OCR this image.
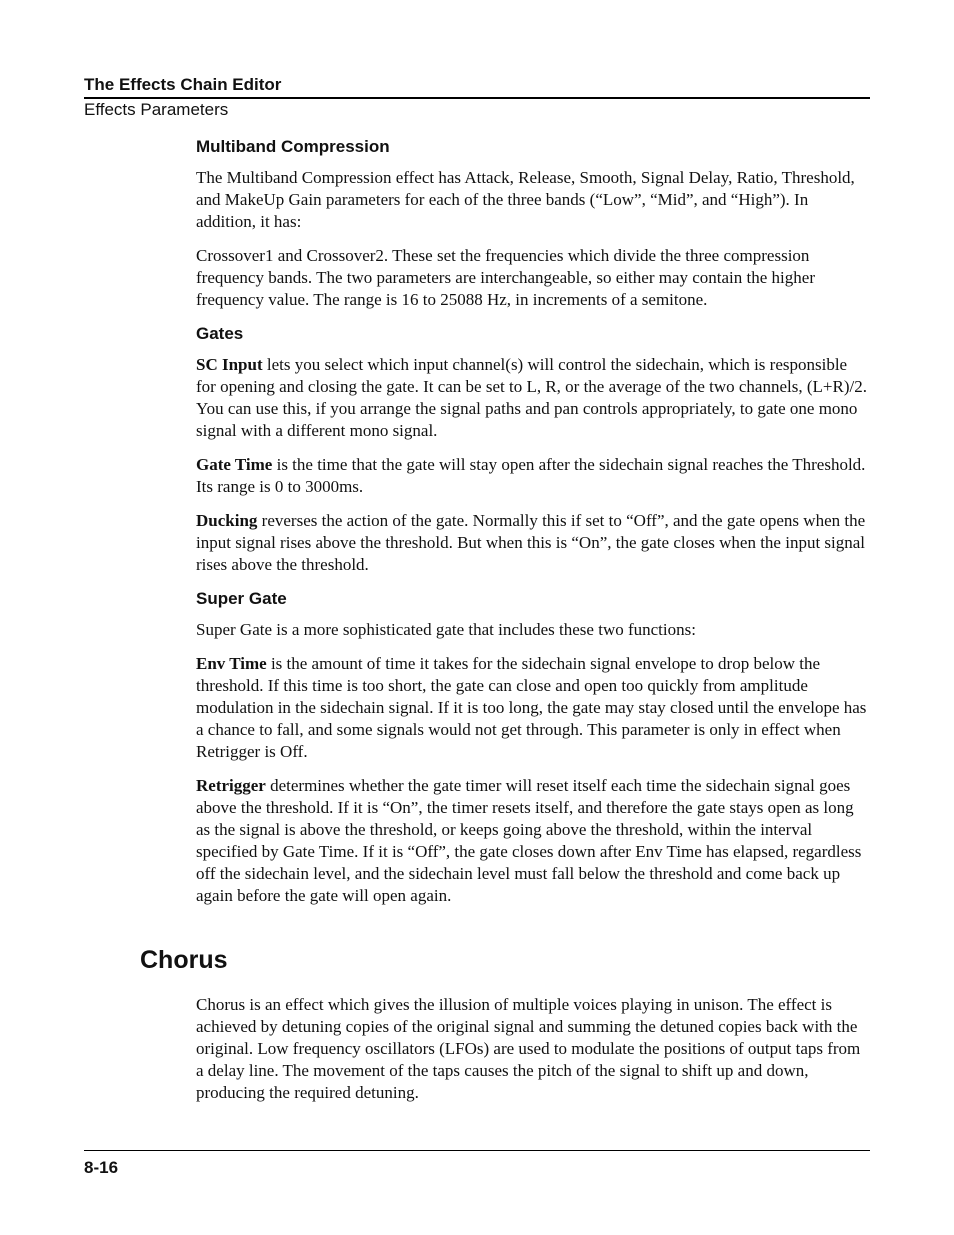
The Effects Chain Editor
Effects Parameters
Multiband Compression

The Multiband Compression effect has Attack, Release, Smooth, Signal Delay, Ratio, Threshold, and MakeUp Gain parameters for each of the three bands (“Low”, “Mid”, and “High”). In addition, it has:

Crossover1 and Crossover2. These set the frequencies which divide the three compression frequency bands. The two parameters are interchangeable, so either may contain the higher frequency value. The range is 16 to 25088 Hz, in increments of a semitone.

Gates

SC Input lets you select which input channel(s) will control the sidechain, which is responsible for opening and closing the gate. It can be set to L, R, or the average of the two channels, (L+R)/2. You can use this, if you arrange the signal paths and pan controls appropriately, to gate one mono signal with a different mono signal.

Gate Time is the time that the gate will stay open after the sidechain signal reaches the Threshold. Its range is 0 to 3000ms.

Ducking reverses the action of the gate. Normally this if set to “Off”, and the gate opens when the input signal rises above the threshold. But when this is “On”, the gate closes when the input signal rises above the threshold.

Super Gate

Super Gate is a more sophisticated gate that includes these two functions:

Env Time is the amount of time it takes for the sidechain signal envelope to drop below the threshold. If this time is too short, the gate can close and open too quickly from amplitude modulation in the sidechain signal. If it is too long, the gate may stay closed until the envelope has a chance to fall, and some signals would not get through. This parameter is only in effect when Retrigger is Off.

Retrigger determines whether the gate timer will reset itself each time the sidechain signal goes above the threshold. If it is “On”, the timer resets itself, and therefore the gate stays open as long as the signal is above the threshold, or keeps going above the threshold, within the interval specified by Gate Time. If it is “Off”, the gate closes down after Env Time has elapsed, regardless off the sidechain level, and the sidechain level must fall below the threshold and come back up again before the gate will open again.

Chorus

Chorus is an effect which gives the illusion of multiple voices playing in unison. The effect is achieved by detuning copies of the original signal and summing the detuned copies back with the original. Low frequency oscillators (LFOs) are used to modulate the positions of output taps from a delay line. The movement of the taps causes the pitch of the signal to shift up and down, producing the required detuning.

8-16
